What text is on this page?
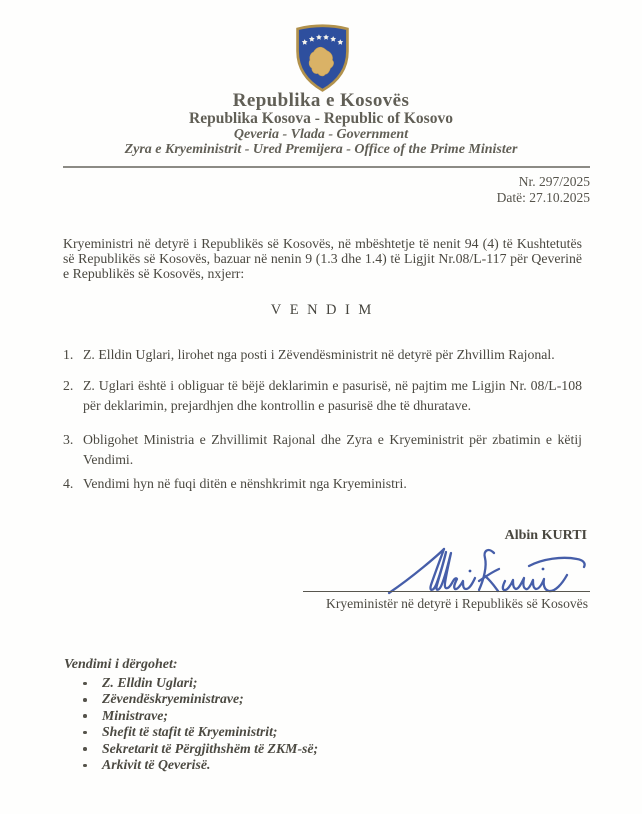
Republika e Kosovës
Republika Kosova - Republic of Kosovo
Qeveria - Vlada - Government
Zyra e Kryeministrit - Ured Premijera - Office of the Prime Minister
Nr. 297/2025
Datë: 27.10.2025

Kryeministri në detyrë i Republikës së Kosovës, në mbështetje të nenit 94 (4) të Kushtetutës së Republikës së Kosovës, bazuar në nenin 9 (1.3 dhe 1.4) të Ligjit Nr.08/L-117 për Qeverinë e Republikës së Kosovës, nxjerr:

VENDIM
1. Z. Elldin Uglari, lirohet nga posti i Zëvendësministrit në detyrë për Zhvillim Rajonal.
2. Z. Uglari është i obliguar të bëjë deklarimin e pasurisë, në pajtim me Ligjin Nr. 08/L-108 për deklarimin, prejardhjen dhe kontrollin e pasurisë dhe të dhuratave.
3. Obligohet Ministria e Zhvillimit Rajonal dhe Zyra e Kryeministrit për zbatimin e këtij Vendimi.
4. Vendimi hyn në fuqi ditën e nënshkrimit nga Kryeministri.
Albin KURTI
Kryeministër në detyrë i Republikës së Kosovës
Vendimi i dërgohet:
Z. Elldin Uglari;
Zëvendëskryeministrave;
Ministrave;
Shefit të stafit të Kryeministrit;
Sekretarit të Përgjithshëm të ZKM-së;
Arkivit të Qeverisë.
